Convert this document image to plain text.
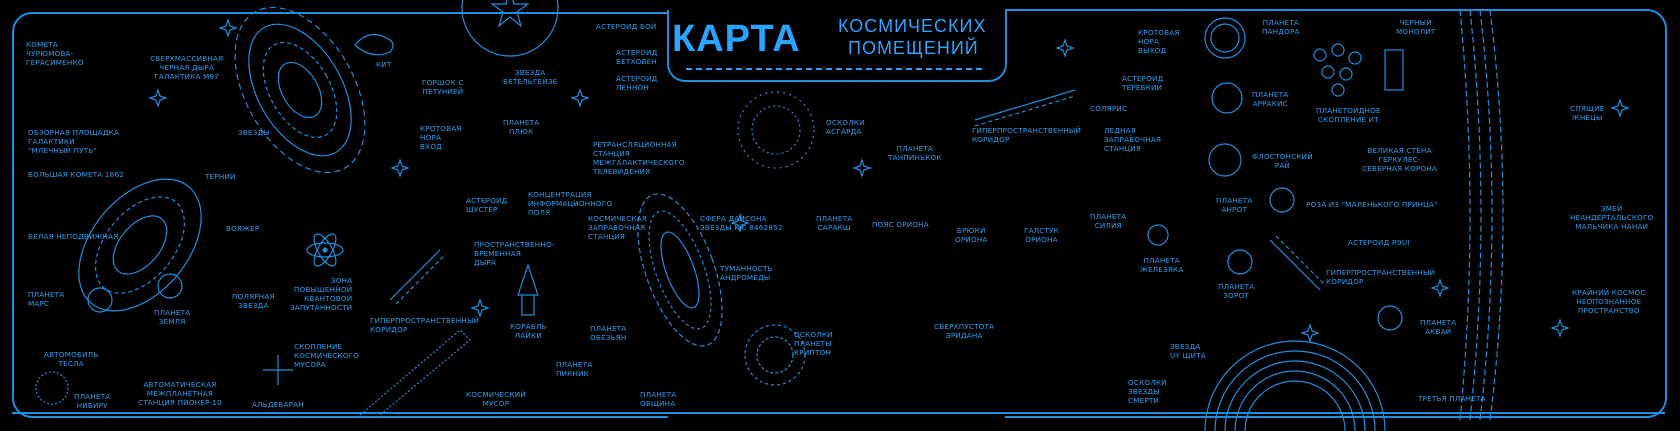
КАРТА КОСМИЧЕСКИХ
ПОМЕЩЕНИЙ
КОМЕТА
ЧУРЮМОВА-
ГЕРАСИМЕНКО	СВЕРХМАССИВНАЯ
ЧЕРНАЯ ДЫРА
ГАЛАКТИКА M87
КИТ
ГОРШОК С
ПЕТУНИЕЙ
ЗВЕЗДА
БЕТЕЛЬГЕЙЗЕ
АСТЕРОИД БОЙ
АСТЕРОИД
БЕТХОВЕН
АСТЕРОИД
ЛЕННОН
ОБЗОРНАЯ ПЛОЩАДКА
ГАЛАКТИКИ
"МЛЕЧНЫЙ ПУТЬ"
ЗВЕЗДЫ
БОЛЬШАЯ КОМЕТА 1862	ТЕРНИИ
КРОТОВАЯ
НОРА
ВХОД
ПЛАНЕТА
ПЛЮК
РЕТРАНСЛЯЦИОННАЯ
СТАНЦИЯ
МЕЖГАЛАКТИЧЕСКОГО
ТЕЛЕВИДЕНИЯ
ОСКОЛКИ
АСГАРДА
ПЛАНЕТА
ТАНПИНЬКОК
ГИПЕРПРОСТРАНСТВЕННЫЙ
КОРИДОР
СОЛЯРИС
КРОТОВАЯ
НОРА
ВЫХОД
ПЛАНЕТА
ПАНДОРА
ЧЕРНЫЙ
МОНОЛИТ
АСТЕРОИД
ТЕРЕБКИЙ
ПЛАНЕТА
АРРАКИС
ПЛАНЕТОИДНОЕ
СКОПЛЕНИЕ ИТ
ЛЕДНАЯ
ЗАПРАВОЧНАЯ
СТАНЦИЯ
СПЯЩИЕ
ЖНЕЦЫ
ВЕЛИКАЯ СТЕНА
ГЕРКУЛЕС-
СЕВЕРНАЯ КОРОНА
ФЛОСТОНСКИЙ
РАЙ
АСТЕРОИД
ШУСТЕР
КОНЦЕНТРАЦИЯ
ИНФОРМАЦИОННОГО
ПОЛЯ
КОСМИЧЕСКАЯ
ЗАПРАВОЧНАЯ
СТАНЦИЯ
СФЕРА ДАЙСОНА
ЗВЕЗДЫ KIC 8462852
ПЛАНЕТА
САРАКШ	ПОЯС ОРИОНА
БРЮКИ
ОРИОНА
ГАЛСТУК
ОРИОНА
ПЛАНЕТА
СИЛИЯ
ПЛАНЕТА
АНРОТ
РОЗА ИЗ "МАЛЕНЬКОГО ПРИНЦА"	ЗМЕЙ
НЕАНДЕРТАЛЬСКОГО
МАЛЬЧИКА НАНАИ
БЕЛАЯ НЕПОДВИЖНАЯ
ВОЯЖЕР
ПРОСТРАНСТВЕННО-
ВРЕМЕННАЯ
ДЫРА
ЗОНА
ПОВЫШЕННОЙ
КВАНТОВОЙ
ЗАПУТАННОСТИ
ПОЛЯРНАЯ
ЗВЕЗДА
ПЛАНЕТА
МАРС
ПЛАНЕТА
ЗЕМЛЯ
КОРАБЛЬ
ЛАЙКИ
ТУМАННОСТЬ
АНДРОМЕДЫ
ПЛАНЕТА
ОБЕЗЬЯН
ПЛАНЕТА
ЖЕЛЕЗЯКА
ПЛАНЕТА
ЗОРОТ
АСТЕРОИД R9UI
ГИПЕРПРОСТРАНСТВЕННЫЙ
КОРИДОР
КРАЙНИЙ КОСМОС
НЕОПОЗНАННОЕ
ПРОСТРАНСТВО
ГИПЕРПРОСТРАНСТВЕННЫЙ
КОРИДОР	СВЕРХПУСТОТА
ЭРИДАНА
ОСКОЛКИ
ПЛАНЕТЫ
КРИПТОН
ЗВЕЗДА
UY ЩИТА
ОСКОЛКИ
ЗВЕЗДЫ
СМЕРТИ
ПЛАНЕТА
АКВАЙ
АВТОМОБИЛЬ
ТЕСЛА
СКОПЛЕНИЕ
КОСМИЧЕСКОГО
МУСОРА
ПЛАНЕТА
НИБИРУ
АВТОМАТИЧЕСКАЯ
МЕЖПЛАНЕТНАЯ
СТАНЦИЯ ПИОНЕР-10	АЛЬДЕБАРАН
КОСМИЧЕСКИЙ
МУСОР
ПЛАНЕТА
ПИКНИК
ПЛАНЕТА
ОБЩИНА
ТРЕТЬЯ ПЛАНЕТА
